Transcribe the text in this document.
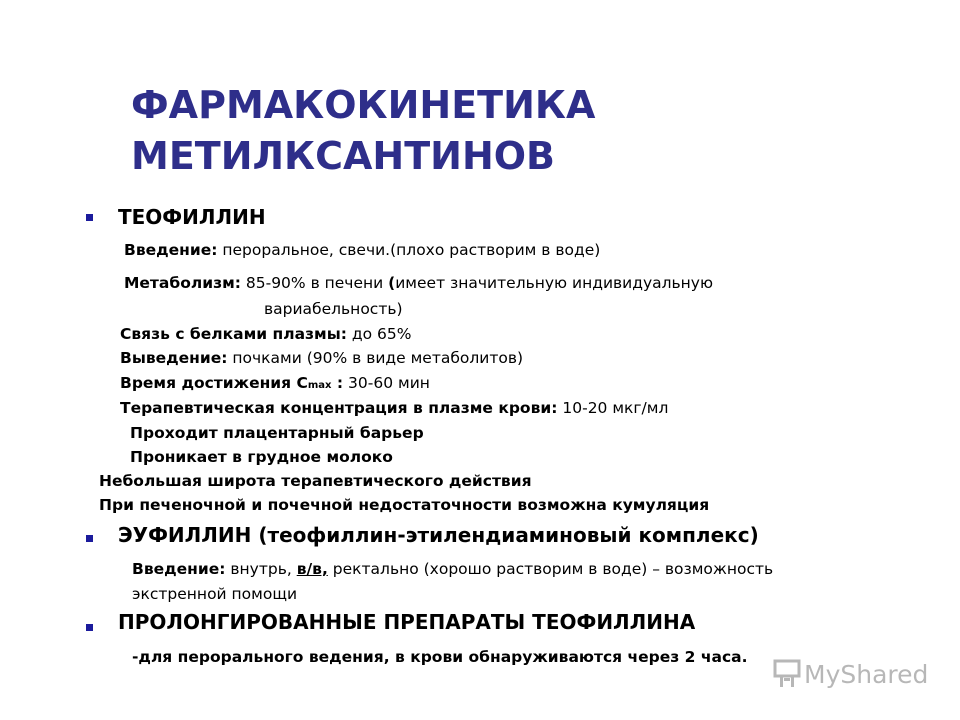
ФАРМАКОКИНЕТИКА
МЕТИЛКСАНТИНОВ
ТЕОФИЛЛИН
Введение: пероральное, свечи.(плохо растворим в воде)
Метаболизм: 85-90% в печени (имеет значительную индивидуальную
вариабельность)
Связь с белками плазмы: до 65%
Выведение: почками (90% в виде метаболитов)
Время достижения Сmax : 30-60 мин
Терапевтическая концентрация в плазме крови: 10-20 мкг/мл
Проходит плацентарный барьер
Проникает в грудное молоко
Небольшая широта терапевтического действия
При печеночной и почечной недостаточности возможна кумуляция
ЭУФИЛЛИН (теофиллин-этилендиаминовый комплекс)
Введение: внутрь, в/в, ректально (хорошо растворим в воде) – возможность
экстренной помощи
ПРОЛОНГИРОВАННЫЕ ПРЕПАРАТЫ ТЕОФИЛЛИНА
-для перорального ведения, в крови обнаруживаются через 2 часа.
MyShared
